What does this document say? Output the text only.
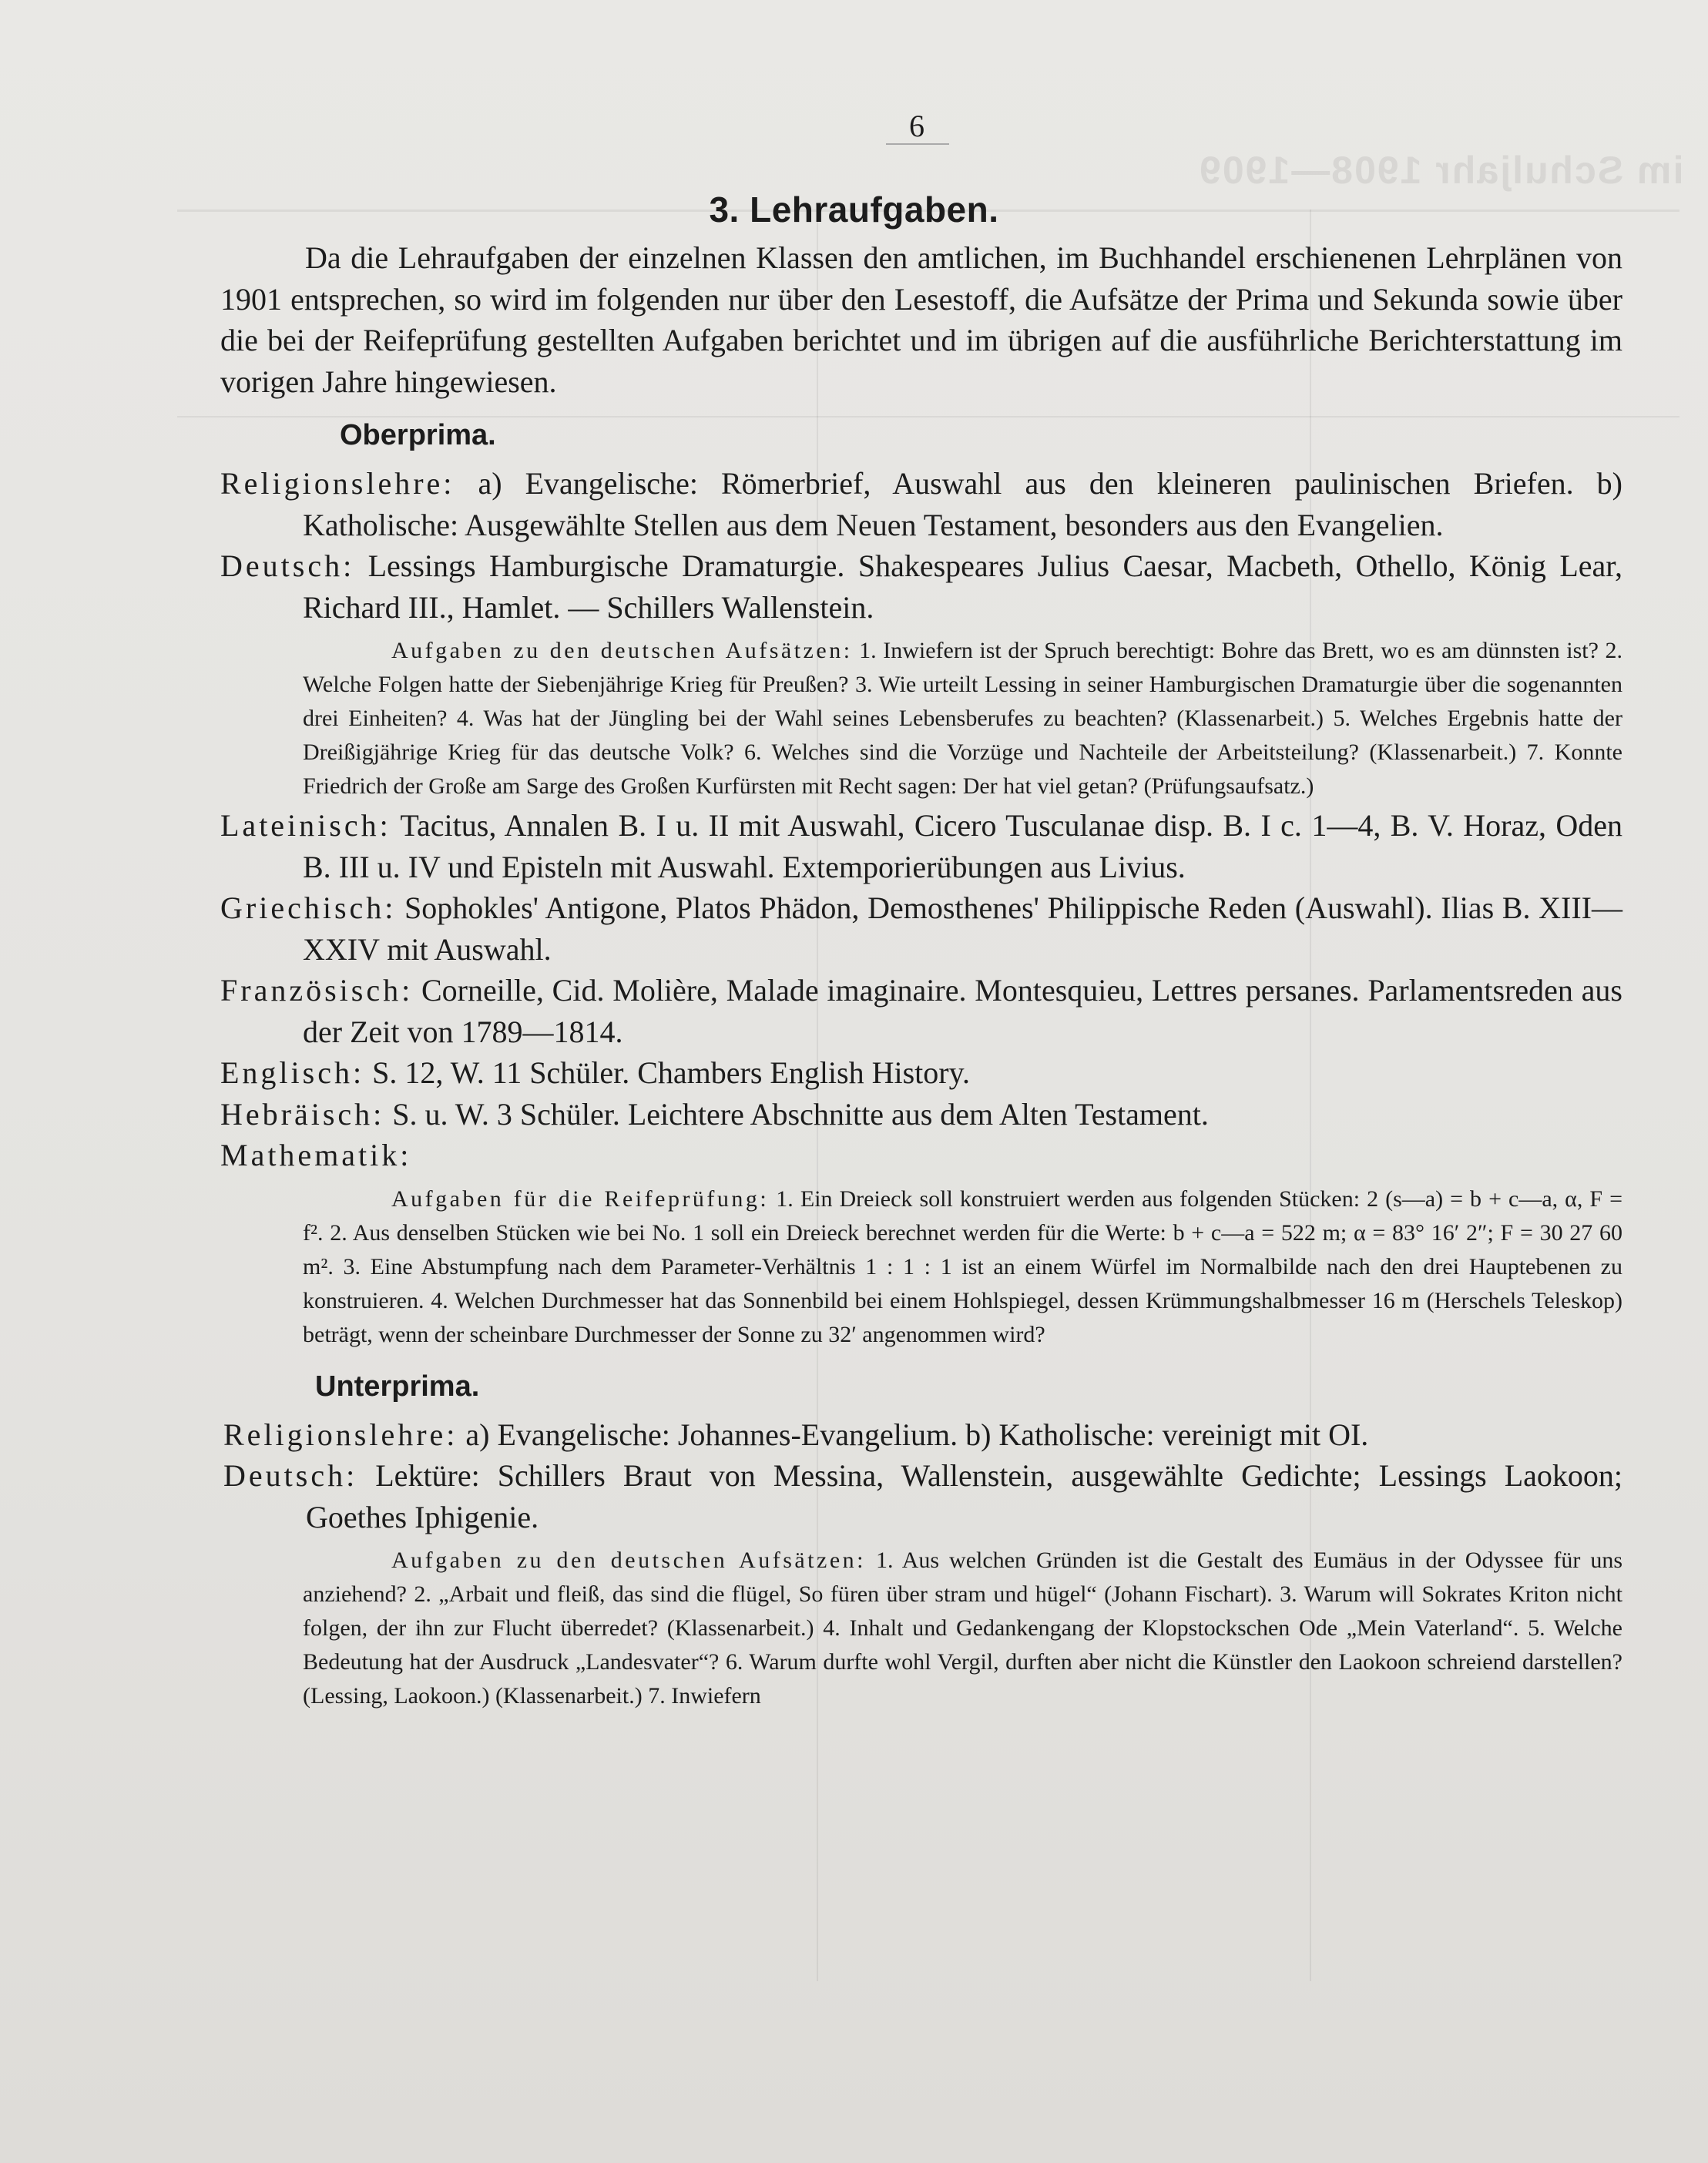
im Schuljahr 1908—1909
6
3. Lehraufgaben.

Da die Lehraufgaben der einzelnen Klassen den amtlichen, im Buchhandel erschienenen Lehrplänen von 1901 entsprechen, so wird im folgenden nur über den Lesestoff, die Aufsätze der Prima und Sekunda sowie über die bei der Reifeprüfung gestellten Aufgaben berichtet und im übrigen auf die ausführliche Berichterstattung im vorigen Jahre hingewiesen.

Oberprima.

Religionslehre: a) Evangelische: Römerbrief, Auswahl aus den kleineren paulinischen Briefen. b) Katholische: Ausgewählte Stellen aus dem Neuen Testament, besonders aus den Evangelien.

Deutsch: Lessings Hamburgische Dramaturgie. Shakespeares Julius Caesar, Macbeth, Othello, König Lear, Richard III., Hamlet. — Schillers Wallenstein.

Aufgaben zu den deutschen Aufsätzen: 1. Inwiefern ist der Spruch berechtigt: Bohre das Brett, wo es am dünnsten ist? 2. Welche Folgen hatte der Siebenjährige Krieg für Preußen? 3. Wie urteilt Lessing in seiner Hamburgischen Dramaturgie über die sogenannten drei Einheiten? 4. Was hat der Jüngling bei der Wahl seines Lebensberufes zu beachten? (Klassenarbeit.) 5. Welches Ergebnis hatte der Dreißigjährige Krieg für das deutsche Volk? 6. Welches sind die Vorzüge und Nachteile der Arbeitsteilung? (Klassenarbeit.) 7. Konnte Friedrich der Große am Sarge des Großen Kurfürsten mit Recht sagen: Der hat viel getan? (Prüfungsaufsatz.)

Lateinisch: Tacitus, Annalen B. I u. II mit Auswahl, Cicero Tusculanae disp. B. I c. 1—4, B. V. Horaz, Oden B. III u. IV und Episteln mit Auswahl. Extemporierübungen aus Livius.

Griechisch: Sophokles' Antigone, Platos Phädon, Demosthenes' Philippische Reden (Auswahl). Ilias B. XIII—XXIV mit Auswahl.

Französisch: Corneille, Cid. Molière, Malade imaginaire. Montesquieu, Lettres persanes. Parlamentsreden aus der Zeit von 1789—1814.

Englisch: S. 12, W. 11 Schüler. Chambers English History.

Hebräisch: S. u. W. 3 Schüler. Leichtere Abschnitte aus dem Alten Testament.

Mathematik:

Aufgaben für die Reifeprüfung: 1. Ein Dreieck soll konstruiert werden aus folgenden Stücken: 2 (s—a) = b + c—a, α, F = f². 2. Aus denselben Stücken wie bei No. 1 soll ein Dreieck berechnet werden für die Werte: b + c—a = 522 m; α = 83° 16′ 2″; F = 30 27 60 m². 3. Eine Abstumpfung nach dem Parameter-Verhältnis 1 : 1 : 1 ist an einem Würfel im Normalbilde nach den drei Hauptebenen zu konstruieren. 4. Welchen Durchmesser hat das Sonnenbild bei einem Hohlspiegel, dessen Krümmungshalbmesser 16 m (Herschels Teleskop) beträgt, wenn der scheinbare Durchmesser der Sonne zu 32′ angenommen wird?

Unterprima.

Religionslehre: a) Evangelische: Johannes-Evangelium. b) Katholische: vereinigt mit OI.

Deutsch: Lektüre: Schillers Braut von Messina, Wallenstein, ausgewählte Gedichte; Lessings Laokoon; Goethes Iphigenie.

Aufgaben zu den deutschen Aufsätzen: 1. Aus welchen Gründen ist die Gestalt des Eumäus in der Odyssee für uns anziehend? 2. „Arbait und fleiß, das sind die flügel, So füren über stram und hügel“ (Johann Fischart). 3. Warum will Sokrates Kriton nicht folgen, der ihn zur Flucht überredet? (Klassenarbeit.) 4. Inhalt und Gedankengang der Klopstockschen Ode „Mein Vaterland“. 5. Welche Bedeutung hat der Ausdruck „Landesvater“? 6. Warum durfte wohl Vergil, durften aber nicht die Künstler den Laokoon schreiend darstellen? (Lessing, Laokoon.) (Klassenarbeit.) 7. Inwiefern
